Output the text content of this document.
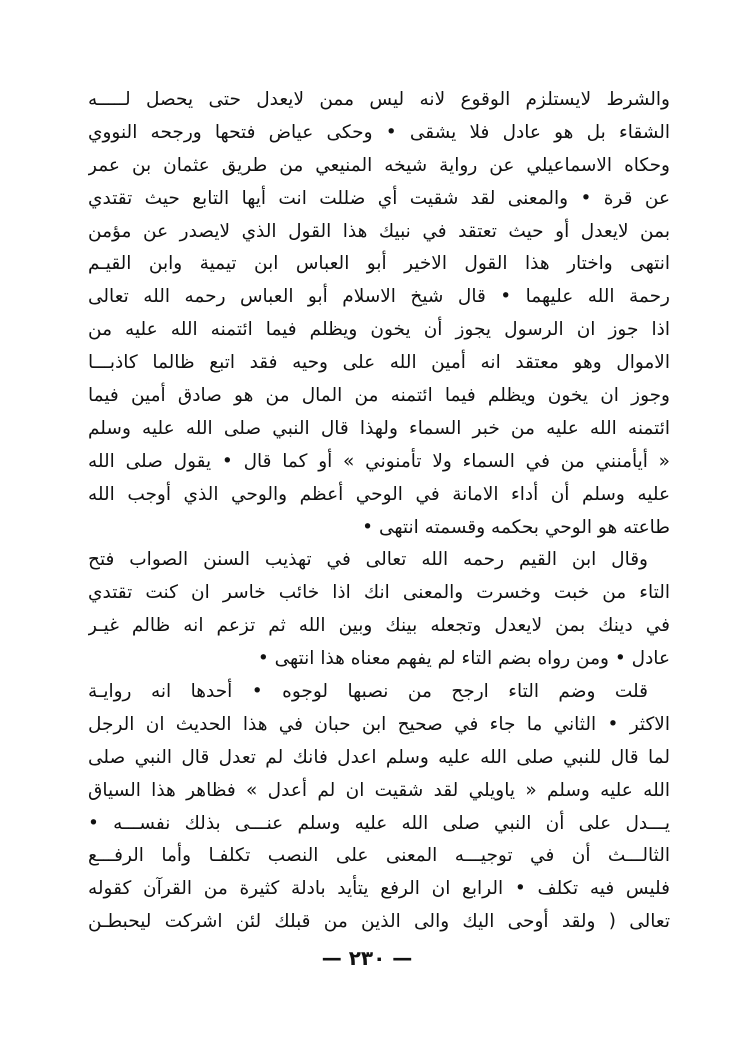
والشرط لايستلزم الوقوع لانه ليس ممن لايعدل حتى يحصل لـــــه
الشقاء بل هو عادل فلا يشقى • وحكى عياض فتحها ورجحه النووي
وحكاه الاسماعيلي عن رواية شيخه المنيعي من طريق عثمان بن عمر
عن قرة • والمعنى لقد شقيت أي ضللت انت أيها التابع حيث تقتدي
بمن لايعدل أو حيث تعتقد في نبيك هذا القول الذي لايصدر عن مؤمن
انتهى واختار هذا القول الاخير أبو العباس ابن تيمية وابن القيـم
رحمة الله عليهما • قال شيخ الاسلام أبو العباس رحمه الله تعالى
اذا جوز ان الرسول يجوز أن يخون ويظلم فيما ائتمنه الله عليه من
الاموال وهو معتقد انه أمين الله على وحيه فقد اتبع ظالما كاذبـــا
وجوز ان يخون ويظلم فيما ائتمنه من المال من هو صادق أمين فيما
ائتمنه الله عليه من خبر السماء ولهذا قال النبي صلى الله عليه وسلم
« أيأمنني من في السماء ولا تأمنوني » أو كما قال • يقول صلى الله
عليه وسلم أن أداء الامانة في الوحي أعظم والوحي الذي أوجب الله
طاعته هو الوحي بحكمه وقسمته انتهى •
وقال ابن القيم رحمه الله تعالى في تهذيب السنن الصواب فتح
التاء من خبت وخسرت والمعنى انك اذا خائب خاسر ان كنت تقتدي
في دينك بمن لايعدل وتجعله بينك وبين الله ثم تزعم انه ظالم غيـر
عادل • ومن رواه بضم التاء لم يفهم معناه هذا انتهى •
قلت وضم التاء ارجح من نصبها لوجوه • أحدها انه روايـة
الاكثر • الثاني ما جاء في صحيح ابن حبان في هذا الحديث ان الرجل
لما قال للنبي صلى الله عليه وسلم اعدل فانك لم تعدل قال النبي صلى
الله عليه وسلم « ياويلي لقد شقيت ان لم أعدل » فظاهر هذا السياق
يـــدل على أن النبي صلى الله عليه وسلم عنـــى بذلك نفســـه •
الثالـــث أن في توجيـــه المعنى على النصب تكلفـا وأما الرفـــع
فليس فيه تكلف • الرابع ان الرفع يتأيد بادلة كثيرة من القرآن كقوله
تعالى ( ولقد أوحى اليك والى الذين من قبلك لئن اشركت ليحبطـن
— ٢٣٠ —
